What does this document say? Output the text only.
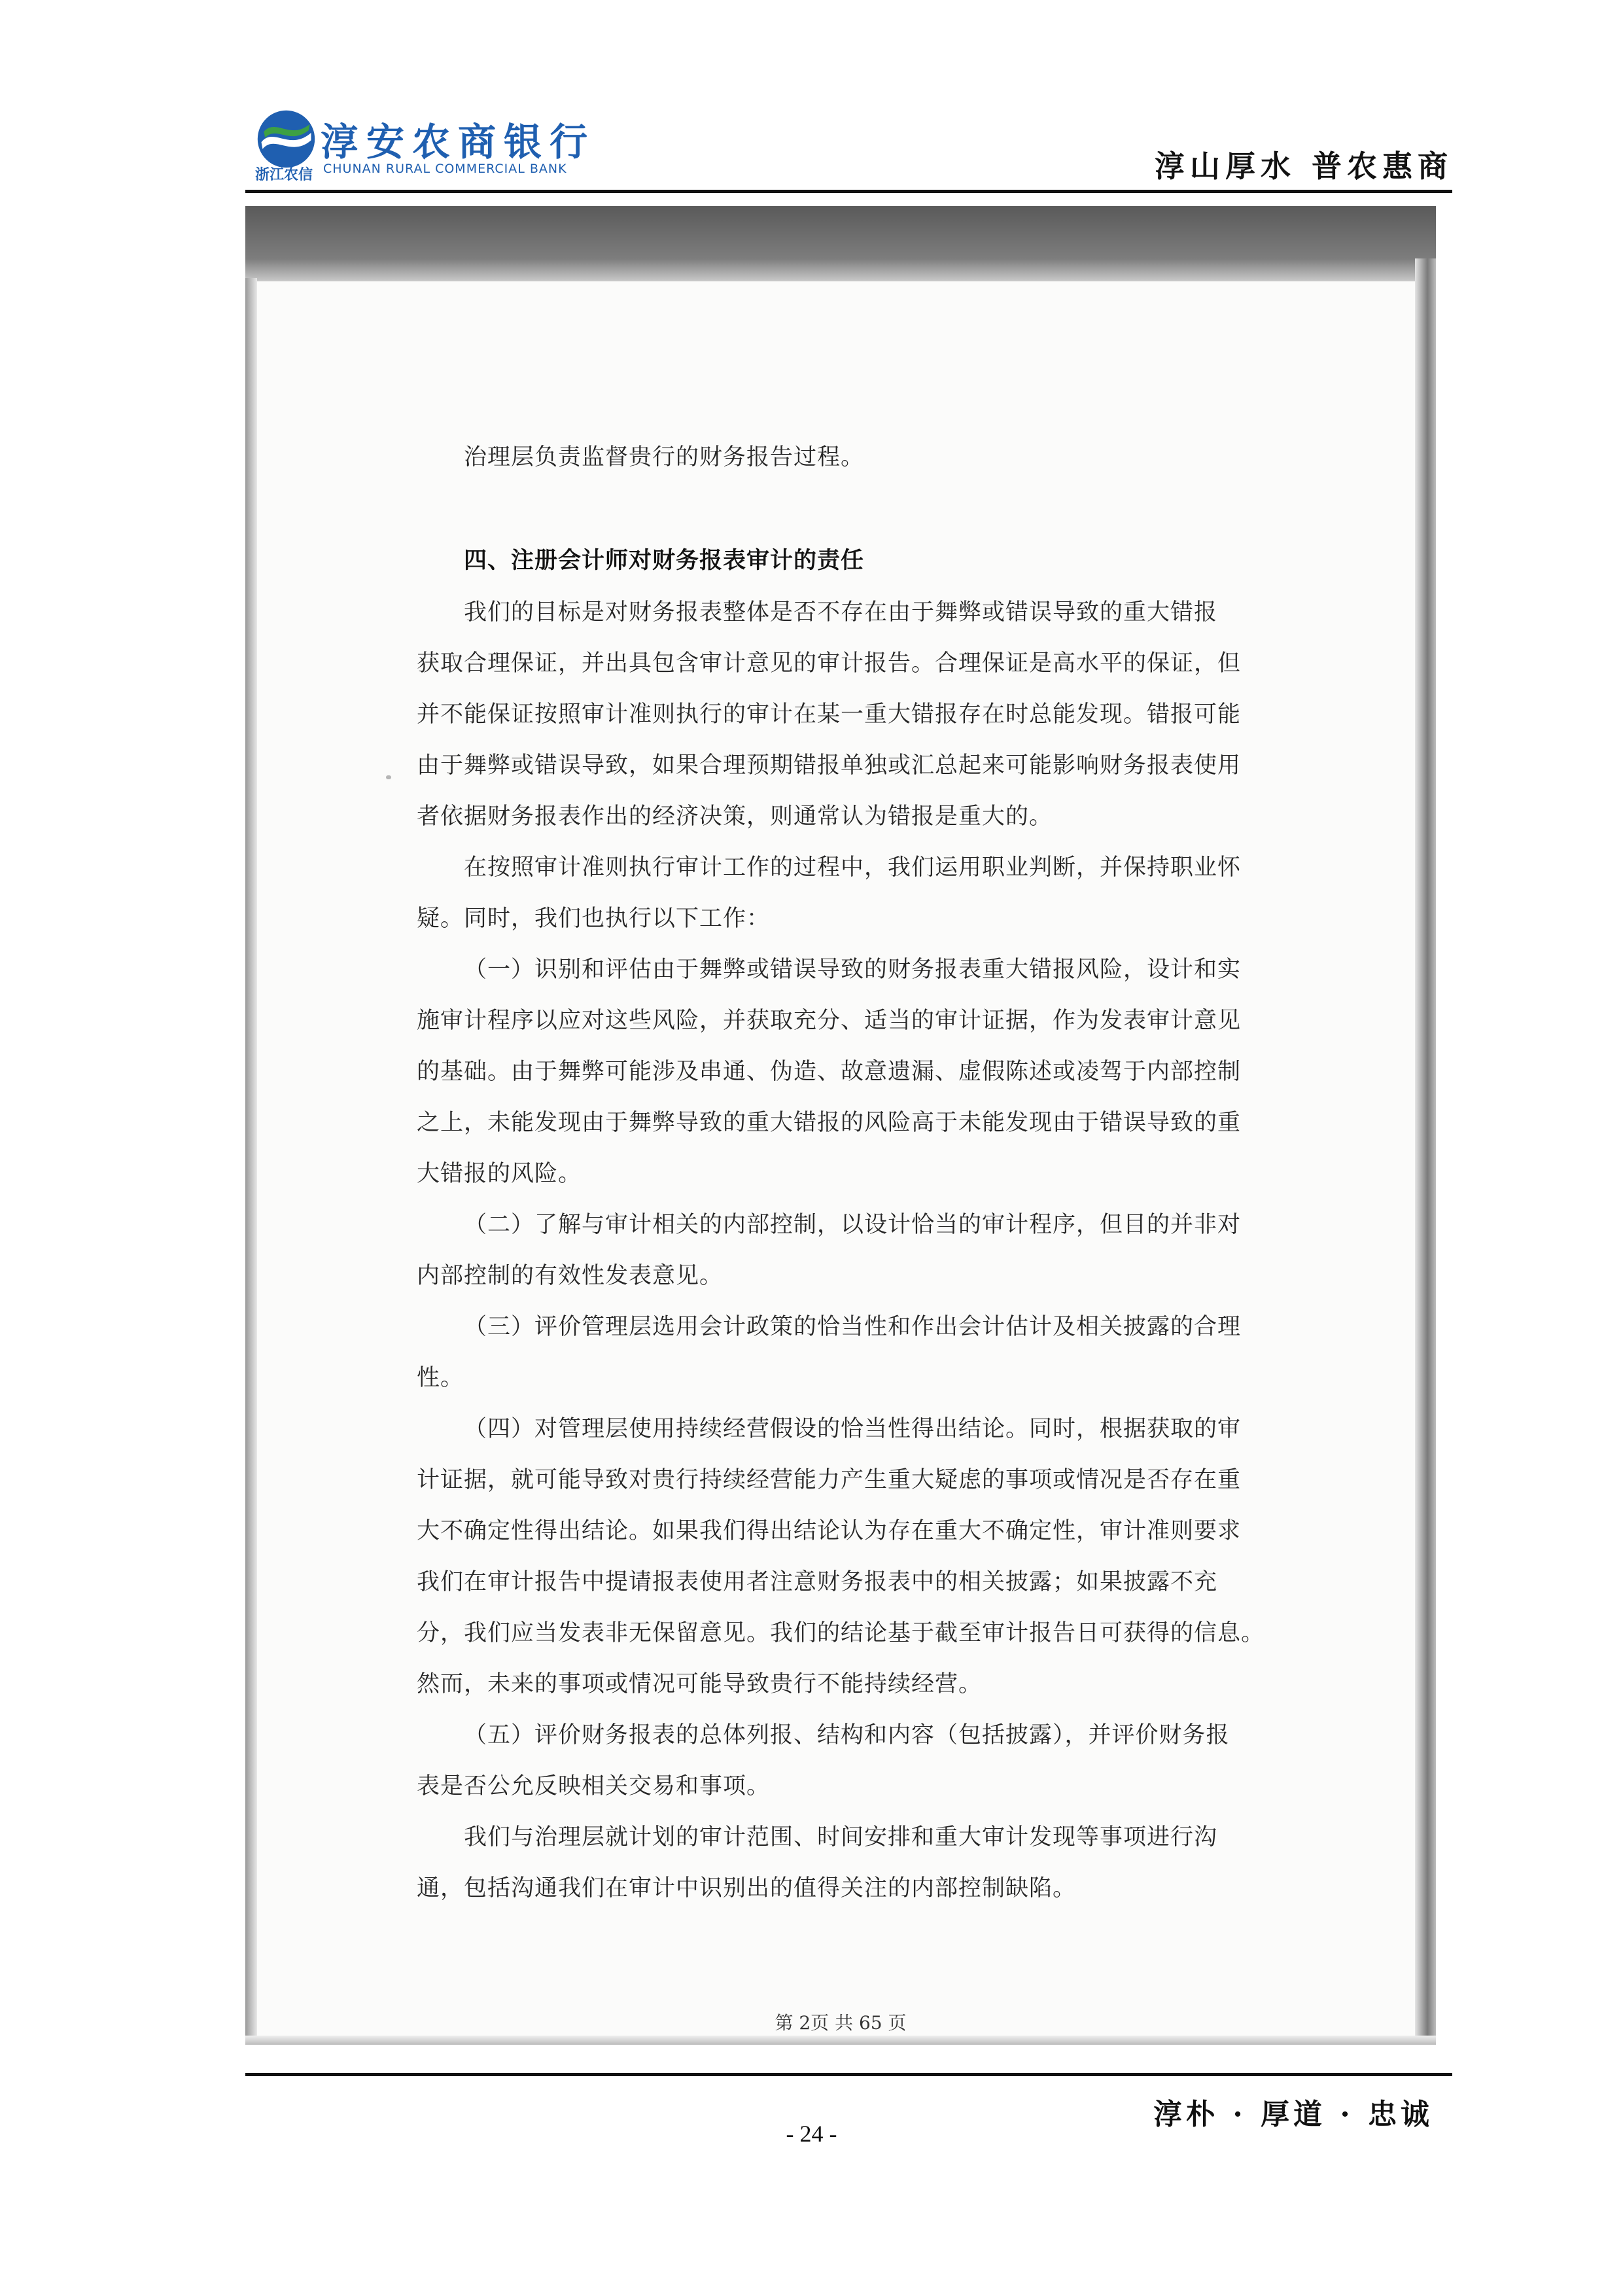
浙江农信
淳安农商银行
CHUNAN RURAL COMMERCIAL BANK	淳山厚水 普农惠商

治理层负责监督贵行的财务报告过程。

四、注册会计师对财务报表审计的责任

我们的目标是对财务报表整体是否不存在由于舞弊或错误导致的重大错报

获取合理保证，并出具包含审计意见的审计报告。合理保证是高水平的保证，但

并不能保证按照审计准则执行的审计在某一重大错报存在时总能发现。错报可能

由于舞弊或错误导致，如果合理预期错报单独或汇总起来可能影响财务报表使用

者依据财务报表作出的经济决策，则通常认为错报是重大的。

在按照审计准则执行审计工作的过程中，我们运用职业判断，并保持职业怀

疑。同时，我们也执行以下工作：

（一）识别和评估由于舞弊或错误导致的财务报表重大错报风险，设计和实

施审计程序以应对这些风险，并获取充分、适当的审计证据，作为发表审计意见

的基础。由于舞弊可能涉及串通、伪造、故意遗漏、虚假陈述或凌驾于内部控制

之上，未能发现由于舞弊导致的重大错报的风险高于未能发现由于错误导致的重

大错报的风险。

（二）了解与审计相关的内部控制，以设计恰当的审计程序，但目的并非对

内部控制的有效性发表意见。

（三）评价管理层选用会计政策的恰当性和作出会计估计及相关披露的合理

性。

（四）对管理层使用持续经营假设的恰当性得出结论。同时，根据获取的审

计证据，就可能导致对贵行持续经营能力产生重大疑虑的事项或情况是否存在重

大不确定性得出结论。如果我们得出结论认为存在重大不确定性，审计准则要求

我们在审计报告中提请报表使用者注意财务报表中的相关披露；如果披露不充

分，我们应当发表非无保留意见。我们的结论基于截至审计报告日可获得的信息。

然而，未来的事项或情况可能导致贵行不能持续经营。

（五）评价财务报表的总体列报、结构和内容（包括披露），并评价财务报

表是否公允反映相关交易和事项。

我们与治理层就计划的审计范围、时间安排和重大审计发现等事项进行沟

通，包括沟通我们在审计中识别出的值得关注的内部控制缺陷。

第 2页 共 65 页
淳朴 · 厚道 · 忠诚
- 24 -
